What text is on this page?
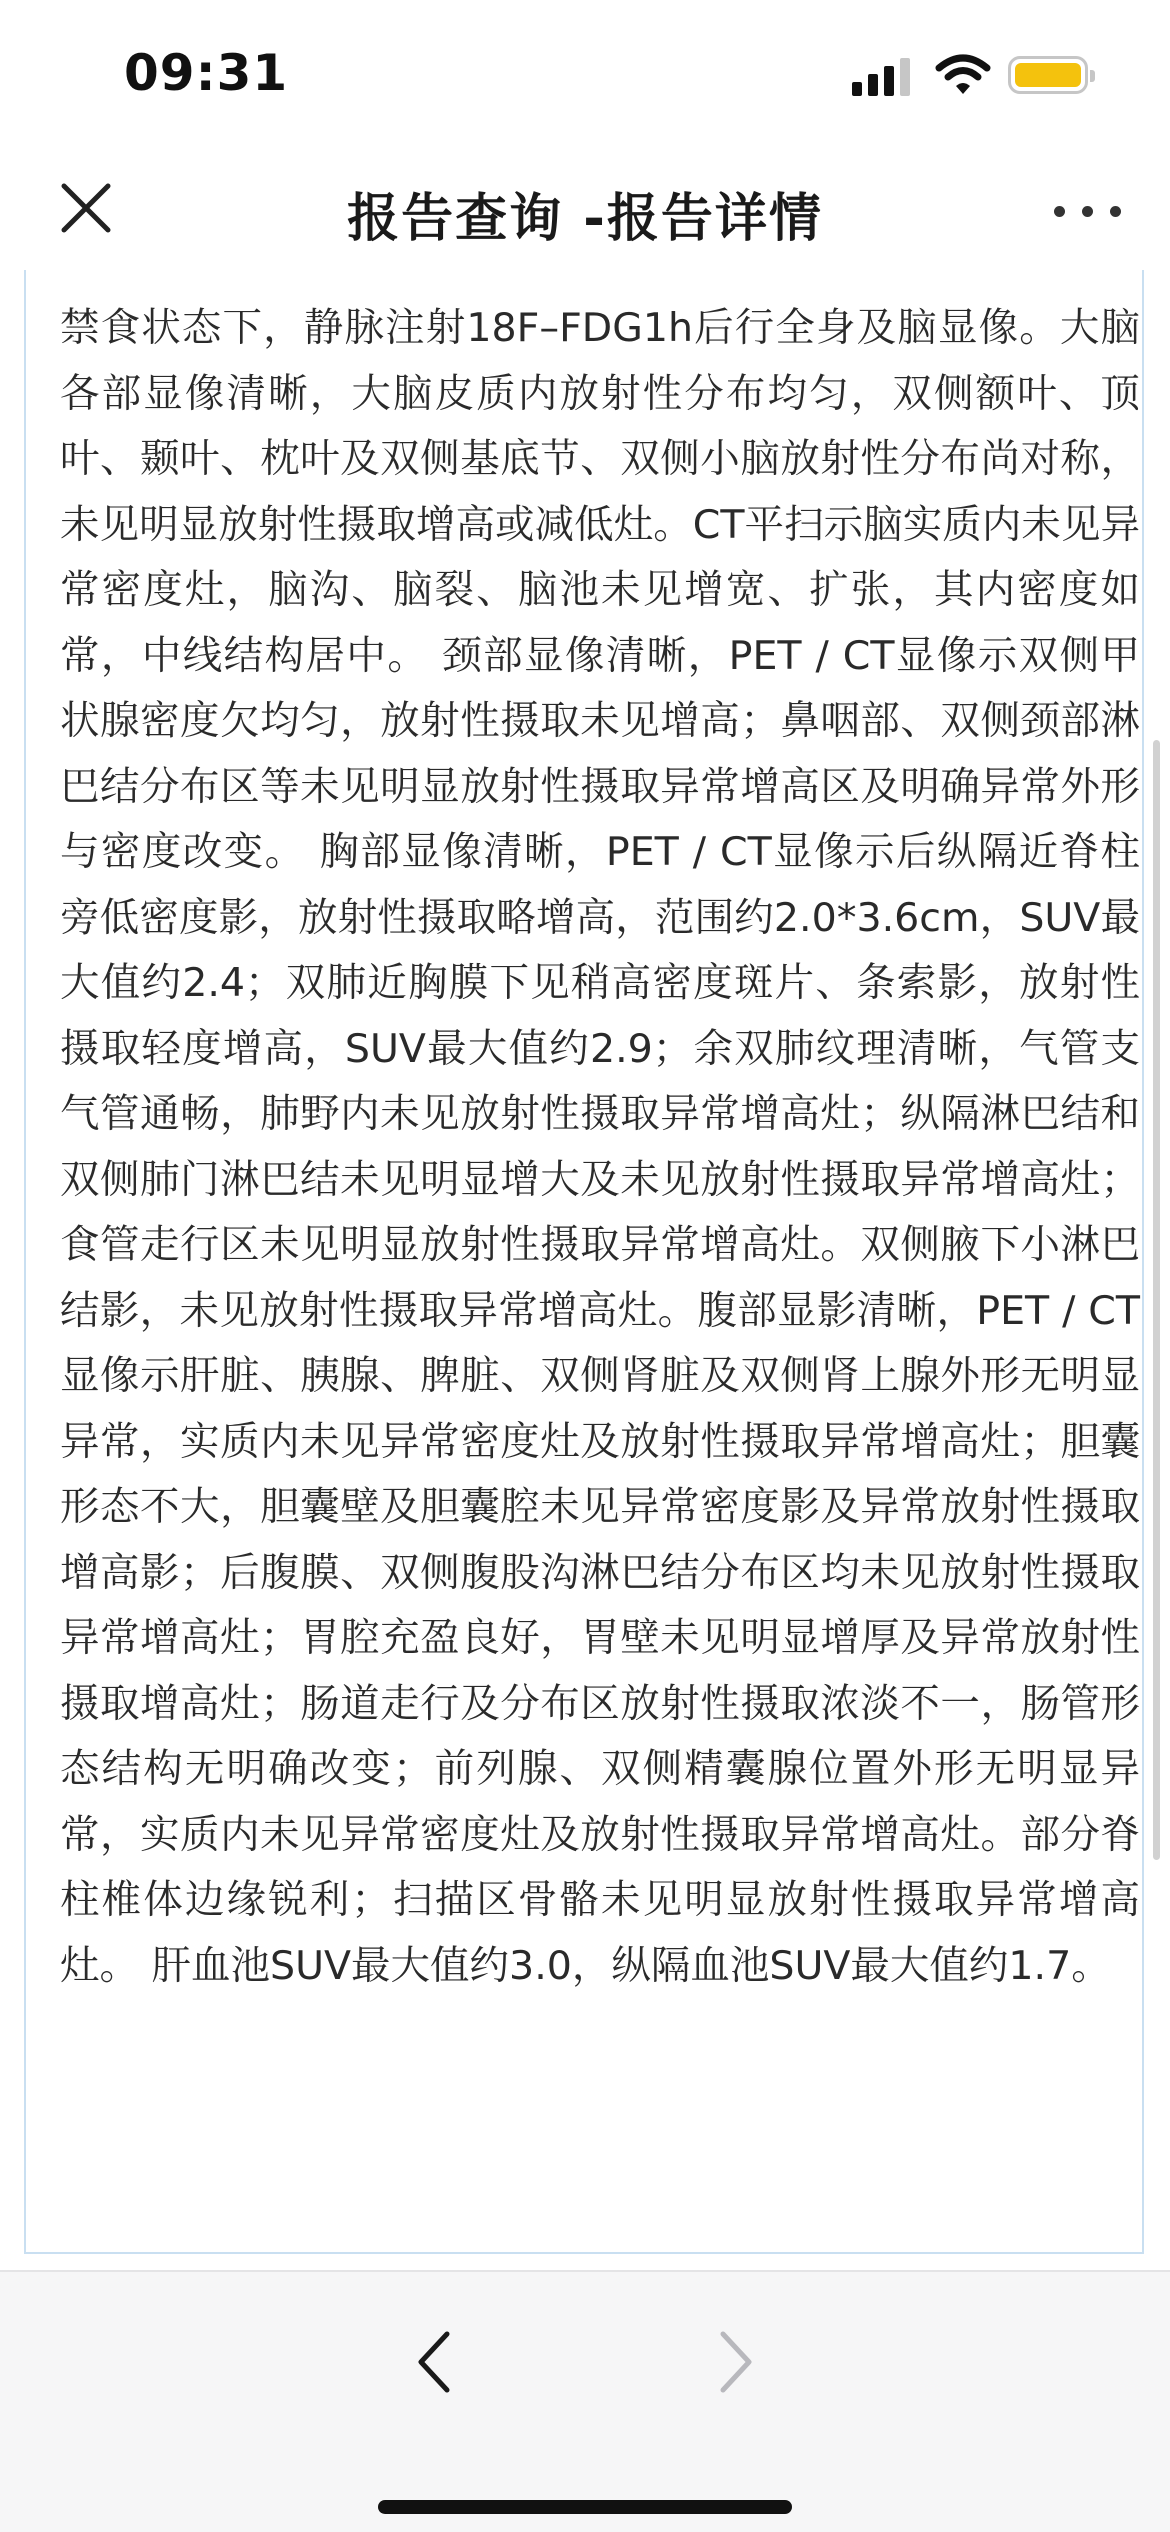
09:31
报告查询 -报告详情

禁食状态下，静脉注射18F–FDG1h后行全身及脑显像。大脑各部显像清晰，大脑皮质内放射性分布均匀，双侧额叶、顶叶、颞叶、枕叶及双侧基底节、双侧小脑放射性分布尚对称，未见明显放射性摄取增高或减低灶。CT平扫示脑实质内未见异常密度灶，脑沟、脑裂、脑池未见增宽、扩张，其内密度如常，中线结构居中。 颈部显像清晰，PET / CT显像示双侧甲状腺密度欠均匀，放射性摄取未见增高；鼻咽部、双侧颈部淋巴结分布区等未见明显放射性摄取异常增高区及明确异常外形与密度改变。 胸部显像清晰，PET / CT显像示后纵隔近脊柱旁低密度影，放射性摄取略增高，范围约2.0*3.6cm，SUV最大值约2.4；双肺近胸膜下见稍高密度斑片、条索影，放射性摄取轻度增高，SUV最大值约2.9；余双肺纹理清晰，气管支气管通畅，肺野内未见放射性摄取异常增高灶；纵隔淋巴结和双侧肺门淋巴结未见明显增大及未见放射性摄取异常增高灶；食管走行区未见明显放射性摄取异常增高灶。双侧腋下小淋巴结影，未见放射性摄取异常增高灶。腹部显影清晰，PET / CT显像示肝脏、胰腺、脾脏、双侧肾脏及双侧肾上腺外形无明显异常，实质内未见异常密度灶及放射性摄取异常增高灶；胆囊形态不大，胆囊壁及胆囊腔未见异常密度影及异常放射性摄取增高影；后腹膜、双侧腹股沟淋巴结分布区均未见放射性摄取异常增高灶；胃腔充盈良好，胃壁未见明显增厚及异常放射性摄取增高灶；肠道走行及分布区放射性摄取浓淡不一，肠管形态结构无明确改变；前列腺、双侧精囊腺位置外形无明显异常，实质内未见异常密度灶及放射性摄取异常增高灶。部分脊柱椎体边缘锐利；扫描区骨骼未见明显放射性摄取异常增高灶。 肝血池SUV最大值约3.0，纵隔血池SUV最大值约1.7。
